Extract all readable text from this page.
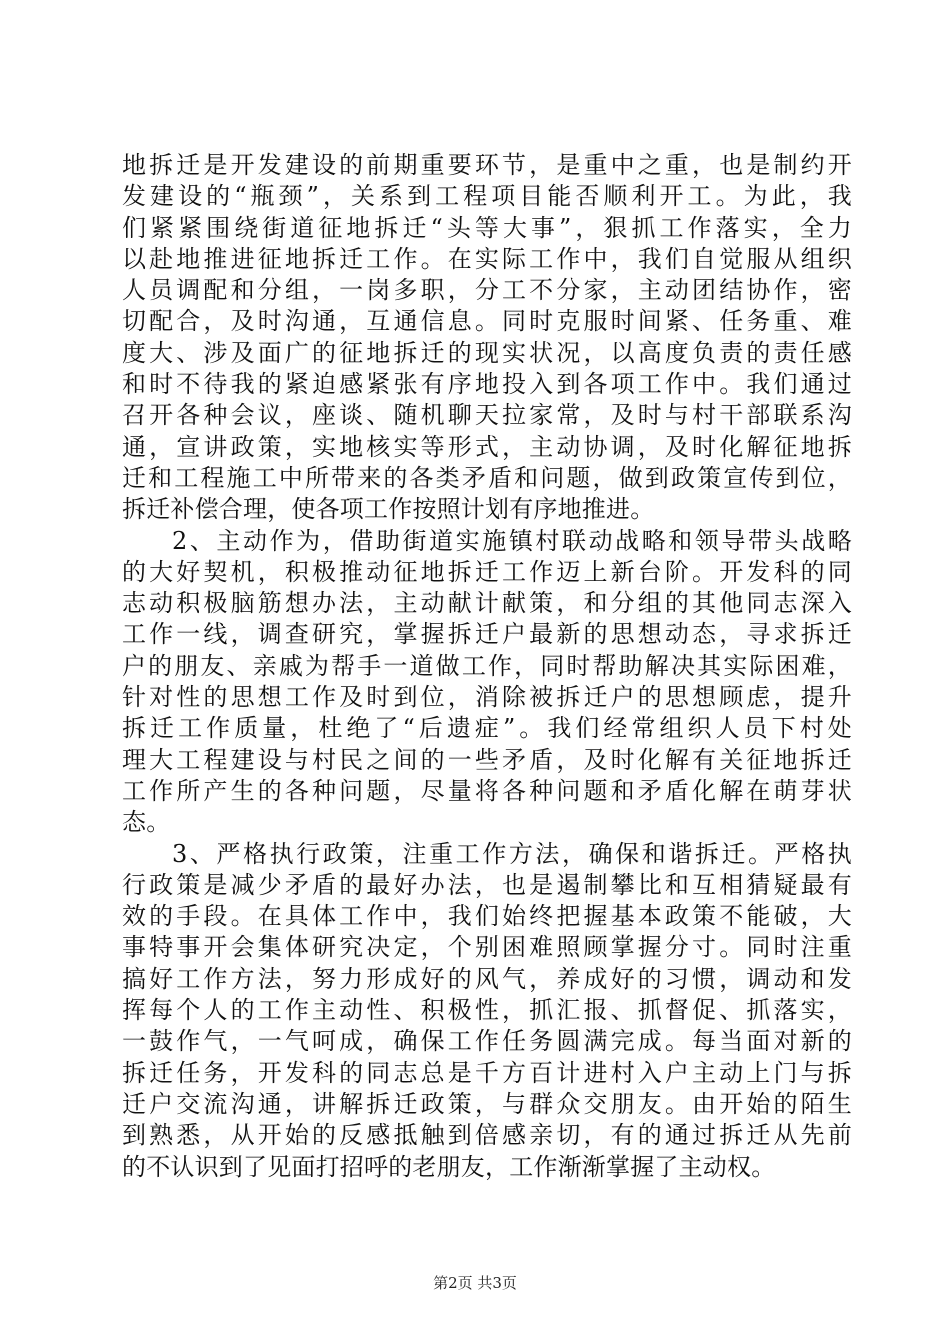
地拆迁是开发建设的前期重要环节，是重中之重，也是制约开
发建设的“瓶颈”，关系到工程项目能否顺利开工。为此，我
们紧紧围绕街道征地拆迁“头等大事”，狠抓工作落实，全力
以赴地推进征地拆迁工作。在实际工作中，我们自觉服从组织
人员调配和分组，一岗多职，分工不分家，主动团结协作，密
切配合，及时沟通，互通信息。同时克服时间紧、任务重、难
度大、涉及面广的征地拆迁的现实状况，以高度负责的责任感
和时不待我的紧迫感紧张有序地投入到各项工作中。我们通过
召开各种会议，座谈、随机聊天拉家常，及时与村干部联系沟
通，宣讲政策，实地核实等形式，主动协调，及时化解征地拆
迁和工程施工中所带来的各类矛盾和问题，做到政策宣传到位，
拆迁补偿合理，使各项工作按照计划有序地推进。
2、主动作为，借助街道实施镇村联动战略和领导带头战略
的大好契机，积极推动征地拆迁工作迈上新台阶。开发科的同
志动积极脑筋想办法，主动献计献策，和分组的其他同志深入
工作一线，调查研究，掌握拆迁户最新的思想动态，寻求拆迁
户的朋友、亲戚为帮手一道做工作，同时帮助解决其实际困难，
针对性的思想工作及时到位，消除被拆迁户的思想顾虑，提升
拆迁工作质量，杜绝了“后遗症”。我们经常组织人员下村处
理大工程建设与村民之间的一些矛盾，及时化解有关征地拆迁
工作所产生的各种问题，尽量将各种问题和矛盾化解在萌芽状
态。
3、严格执行政策，注重工作方法，确保和谐拆迁。严格执
行政策是减少矛盾的最好办法，也是遏制攀比和互相猜疑最有
效的手段。在具体工作中，我们始终把握基本政策不能破，大
事特事开会集体研究决定，个别困难照顾掌握分寸。同时注重
搞好工作方法，努力形成好的风气，养成好的习惯，调动和发
挥每个人的工作主动性、积极性，抓汇报、抓督促、抓落实，
一鼓作气，一气呵成，确保工作任务圆满完成。每当面对新的
拆迁任务，开发科的同志总是千方百计进村入户主动上门与拆
迁户交流沟通，讲解拆迁政策，与群众交朋友。由开始的陌生
到熟悉，从开始的反感抵触到倍感亲切，有的通过拆迁从先前
的不认识到了见面打招呼的老朋友，工作渐渐掌握了主动权。
第2页 共3页
